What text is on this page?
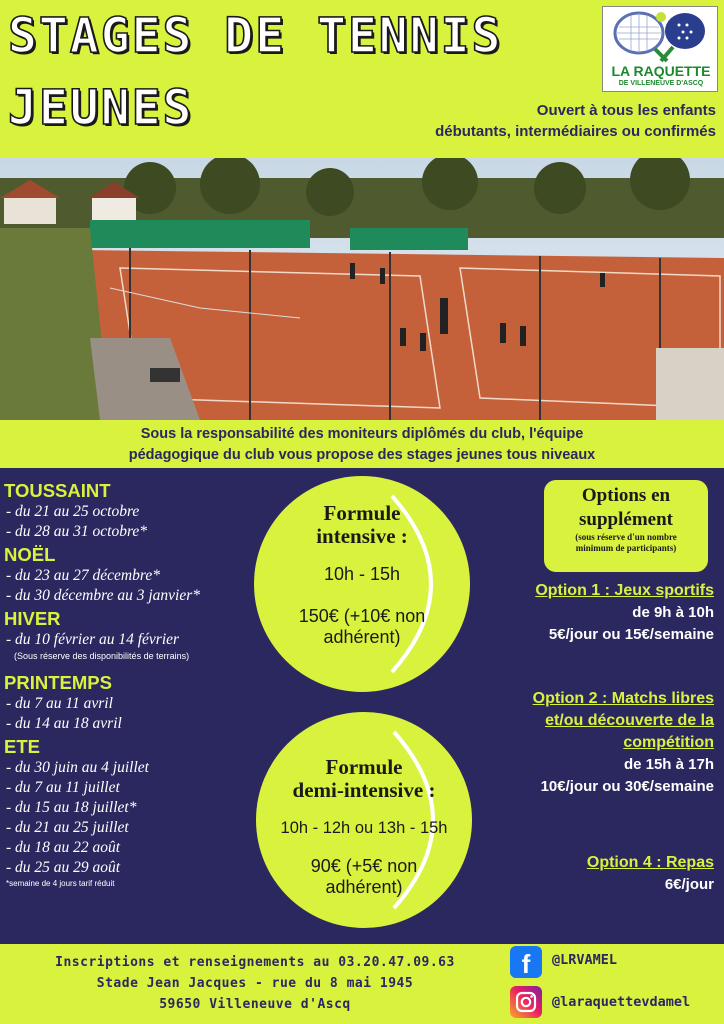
STAGES DE TENNIS
JEUNES
LA RAQUETTE
DE VILLENEUVE D'ASCQ
Ouvert à tous les enfants
débutants, intermédiaires ou confirmés
Sous la responsabilité des moniteurs diplômés du club, l'équipe
pédagogique du club vous propose des stages jeunes tous niveaux
TOUSSAINT
- du 21 au 25 octobre
- du 28 au 31 octobre*
NOËL
- du 23 au 27 décembre*
- du 30 décembre au 3 janvier*
HIVER
- du 10 février au 14 février
(Sous réserve des disponibilités de terrains)
PRINTEMPS
- du 7 au 11 avril
- du 14 au 18 avril
ETE
- du 30 juin au 4 juillet
- du 7 au 11 juillet
- du 15 au 18 juillet*
- du 21 au 25 juillet
- du 18 au 22 août
- du 25 au 29 août
*semaine de 4 jours tarif réduit
Formule
intensive :
10h - 15h
150€ (+10€ non
adhérent)
Formule
demi-intensive :
10h - 12h ou 13h - 15h
90€ (+5€ non
adhérent)
Options en
supplément
(sous réserve d'un nombre
minimum de participants)
Option 1 : Jeux sportifs
de 9h à 10h
5€/jour ou 15€/semaine
Option 2 : Matchs libres
et/ou découverte de la
compétition
de 15h à 17h
10€/jour ou 30€/semaine
Option 4 : Repas
6€/jour
Inscriptions et renseignements au 03.20.47.09.63
Stade Jean Jacques - rue du 8 mai 1945
59650 Villeneuve d'Ascq
f	@LRVAMEL
@laraquettevdamel
